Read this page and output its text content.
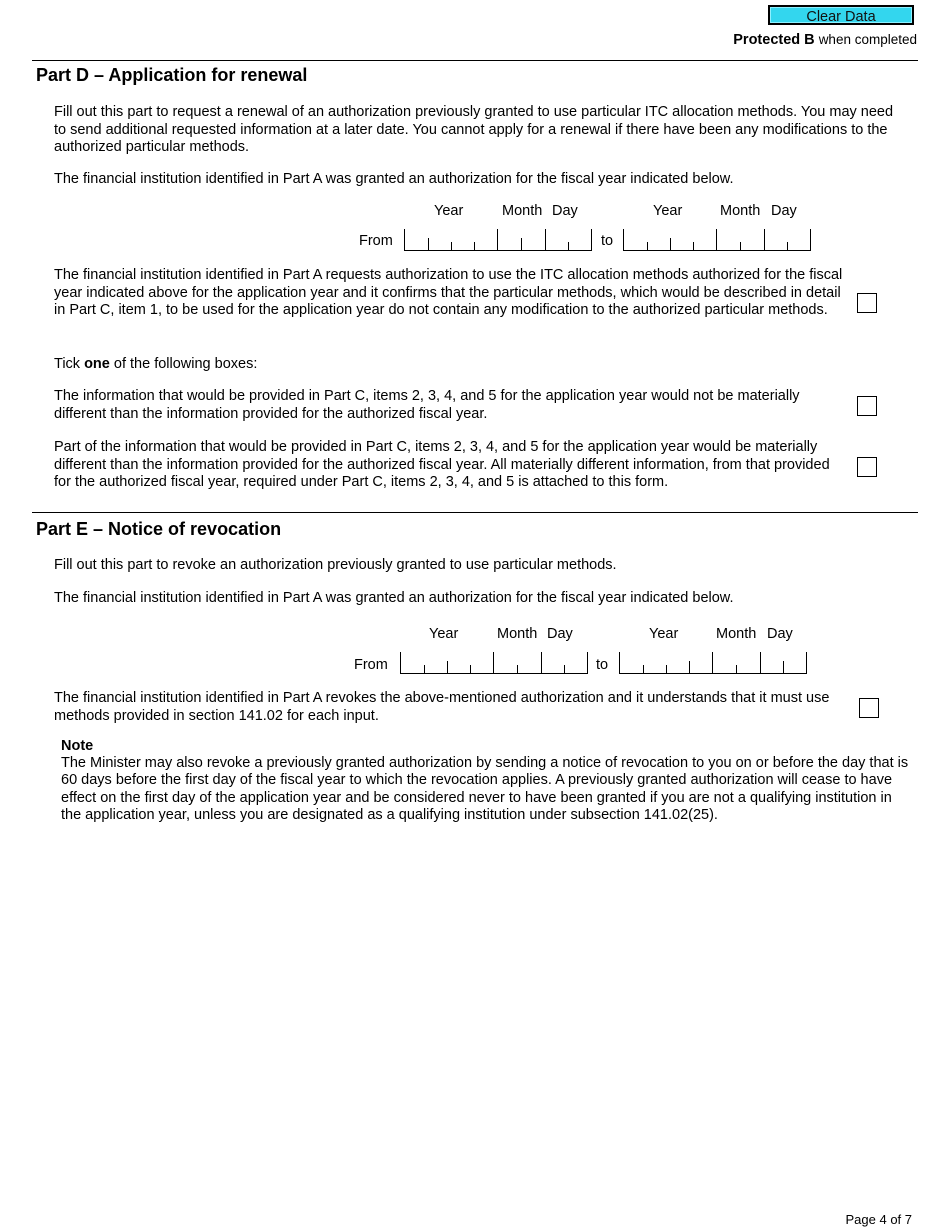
Clear Data
Protected B when completed
Part D – Application for renewal
Fill out this part to request a renewal of an authorization previously granted to use particular ITC allocation methods. You may need to send additional requested information at a later date. You cannot apply for a renewal if there have been any modifications to the authorized particular methods.
The financial institution identified in Part A was granted an authorization for the fiscal year indicated below.
Year	Month Day	Year	Month Day
From	to
The financial institution identified in Part A requests authorization to use the ITC allocation methods authorized for the fiscal year indicated above for the application year and it confirms that the particular methods, which would be described in detail in Part C, item 1, to be used for the application year do not contain any modification to the authorized particular methods.
Tick one of the following boxes:
The information that would be provided in Part C, items 2, 3, 4, and 5 for the application year would not be materially different than the information provided for the authorized fiscal year.
Part of the information that would be provided in Part C, items 2, 3, 4, and 5 for the application year would be materially different than the information provided for the authorized fiscal year. All materially different information, from that provided for the authorized fiscal year, required under Part C, items 2, 3, 4, and 5 is attached to this form.
Part E – Notice of revocation
Fill out this part to revoke an authorization previously granted to use particular methods.
The financial institution identified in Part A was granted an authorization for the fiscal year indicated below.
Year	Month Day	Year	Month Day
From	to
The financial institution identified in Part A revokes the above-mentioned authorization and it understands that it must use methods provided in section 141.02 for each input.
Note
The Minister may also revoke a previously granted authorization by sending a notice of revocation to you on or before the day that is 60 days before the first day of the fiscal year to which the revocation applies. A previously granted authorization will cease to have effect on the first day of the application year and be considered never to have been granted if you are not a qualifying institution in the application year, unless you are designated as a qualifying institution under subsection 141.02(25).
Page 4 of 7
